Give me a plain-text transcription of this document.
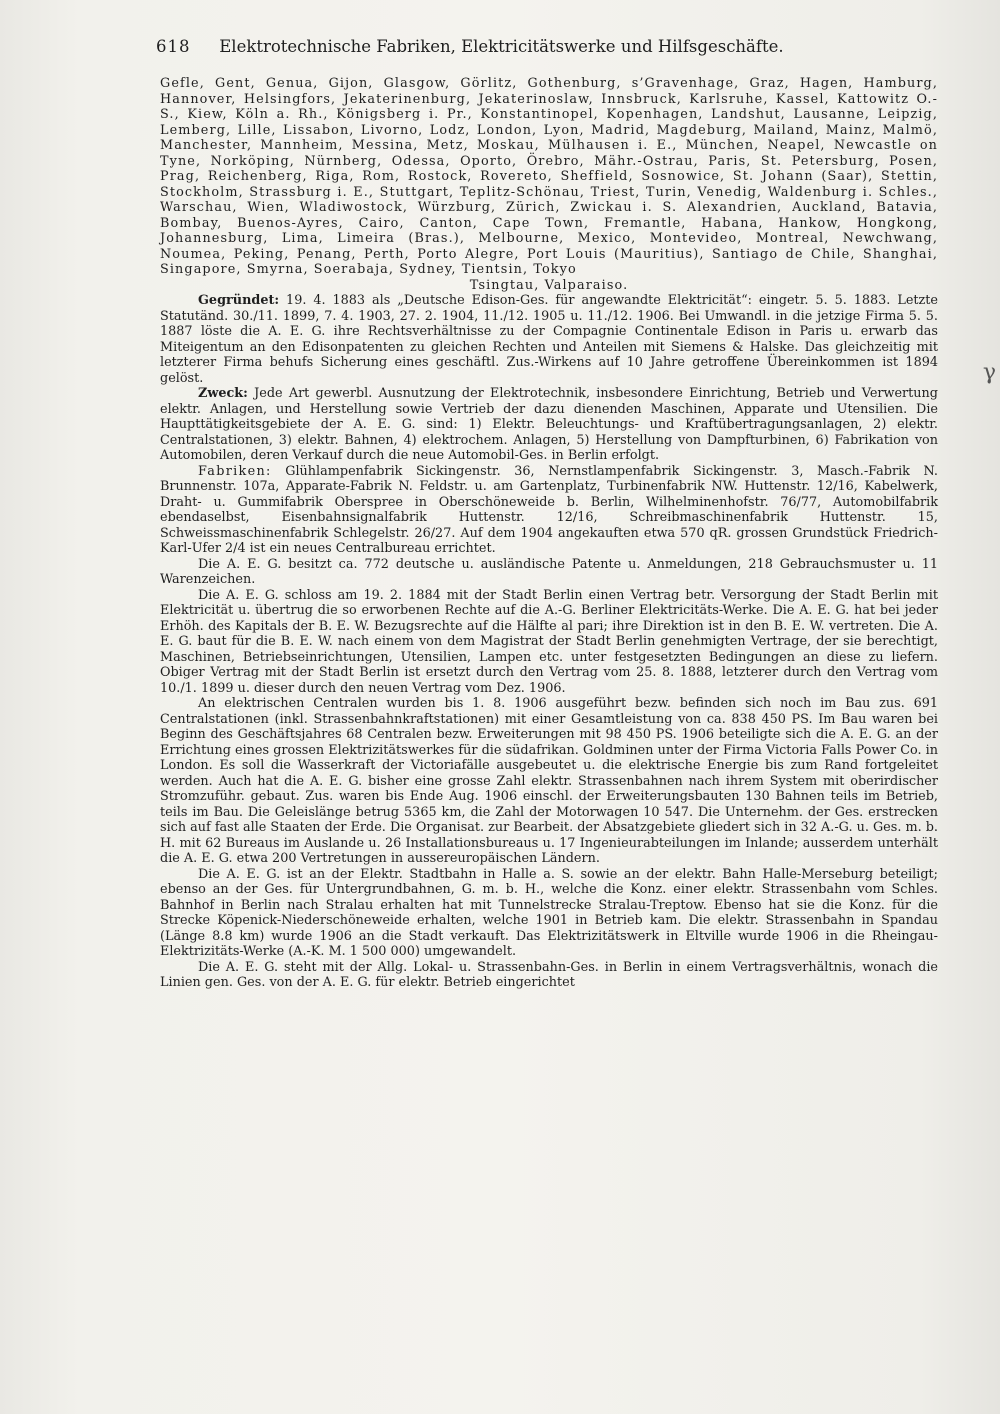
618 Elektrotechnische Fabriken, Elektricitätswerke und Hilfsgeschäfte.

Gefle, Gent, Genua, Gijon, Glasgow, Görlitz, Gothenburg, s’Gravenhage, Graz, Hagen, Hamburg, Hannover, Helsingfors, Jekaterinenburg, Jekaterinoslaw, Innsbruck, Karlsruhe, Kassel, Kattowitz O.-S., Kiew, Köln a. Rh., Königsberg i. Pr., Konstantinopel, Kopenhagen, Landshut, Lausanne, Leipzig, Lemberg, Lille, Lissabon, Livorno, Lodz, London, Lyon, Madrid, Magdeburg, Mailand, Mainz, Malmö, Manchester, Mannheim, Messina, Metz, Moskau, Mülhausen i. E., München, Neapel, Newcastle on Tyne, Norköping, Nürnberg, Odessa, Oporto, Örebro, Mähr.-Ostrau, Paris, St. Petersburg, Posen, Prag, Reichenberg, Riga, Rom, Rostock, Rovereto, Sheffield, Sosnowice, St. Johann (Saar), Stettin, Stockholm, Strassburg i. E., Stuttgart, Teplitz-Schönau, Triest, Turin, Venedig, Waldenburg i. Schles., Warschau, Wien, Wladiwostock, Würzburg, Zürich, Zwickau i. S. Alexandrien, Auckland, Batavia, Bombay, Buenos-Ayres, Cairo, Canton, Cape Town, Fremantle, Habana, Hankow, Hongkong, Johannesburg, Lima, Limeira (Bras.), Melbourne, Mexico, Montevideo, Montreal, Newchwang, Noumea, Peking, Penang, Perth, Porto Alegre, Port Louis (Mauritius), Santiago de Chile, Shanghai, Singapore, Smyrna, Soerabaja, Sydney, Tientsin, Tokyo
Tsingtau, Valparaiso.

Gegründet: 19. 4. 1883 als „Deutsche Edison-Ges. für angewandte Elektricität“: eingetr. 5. 5. 1883. Letzte Statutänd. 30./11. 1899, 7. 4. 1903, 27. 2. 1904, 11./12. 1905 u. 11./12. 1906. Bei Umwandl. in die jetzige Firma 5. 5. 1887 löste die A. E. G. ihre Rechtsverhältnisse zu der Compagnie Continentale Edison in Paris u. erwarb das Miteigentum an den Edisonpatenten zu gleichen Rechten und Anteilen mit Siemens & Halske. Das gleichzeitig mit letzterer Firma behufs Sicherung eines geschäftl. Zus.-Wirkens auf 10 Jahre getroffene Übereinkommen ist 1894 gelöst.

Zweck: Jede Art gewerbl. Ausnutzung der Elektrotechnik, insbesondere Einrichtung, Betrieb und Verwertung elektr. Anlagen, und Herstellung sowie Vertrieb der dazu dienenden Maschinen, Apparate und Utensilien. Die Haupttätigkeitsgebiete der A. E. G. sind: 1) Elektr. Beleuchtungs- und Kraftübertragungsanlagen, 2) elektr. Centralstationen, 3) elektr. Bahnen, 4) elektrochem. Anlagen, 5) Herstellung von Dampfturbinen, 6) Fabrikation von Automobilen, deren Verkauf durch die neue Automobil-Ges. in Berlin erfolgt.

Fabriken: Glühlampenfabrik Sickingenstr. 36, Nernstlampenfabrik Sickingenstr. 3, Masch.-Fabrik N. Brunnenstr. 107a, Apparate-Fabrik N. Feldstr. u. am Gartenplatz, Turbinenfabrik NW. Huttenstr. 12/16, Kabelwerk, Draht- u. Gummifabrik Oberspree in Oberschöneweide b. Berlin, Wilhelminenhofstr. 76/77, Automobilfabrik ebendaselbst, Eisenbahnsignalfabrik Huttenstr. 12/16, Schreibmaschinenfabrik Huttenstr. 15, Schweissmaschinenfabrik Schlegelstr. 26/27. Auf dem 1904 angekauften etwa 570 qR. grossen Grundstück Friedrich-Karl-Ufer 2/4 ist ein neues Centralbureau errichtet.

Die A. E. G. besitzt ca. 772 deutsche u. ausländische Patente u. Anmeldungen, 218 Gebrauchsmuster u. 11 Warenzeichen.

Die A. E. G. schloss am 19. 2. 1884 mit der Stadt Berlin einen Vertrag betr. Versorgung der Stadt Berlin mit Elektricität u. übertrug die so erworbenen Rechte auf die A.-G. Berliner Elektricitäts-Werke. Die A. E. G. hat bei jeder Erhöh. des Kapitals der B. E. W. Bezugsrechte auf die Hälfte al pari; ihre Direktion ist in den B. E. W. vertreten. Die A. E. G. baut für die B. E. W. nach einem von dem Magistrat der Stadt Berlin genehmigten Vertrage, der sie berechtigt, Maschinen, Betriebseinrichtungen, Utensilien, Lampen etc. unter festgesetzten Bedingungen an diese zu liefern. Obiger Vertrag mit der Stadt Berlin ist ersetzt durch den Vertrag vom 25. 8. 1888, letzterer durch den Vertrag vom 10./1. 1899 u. dieser durch den neuen Vertrag vom Dez. 1906.

An elektrischen Centralen wurden bis 1. 8. 1906 ausgeführt bezw. befinden sich noch im Bau zus. 691 Centralstationen (inkl. Strassenbahnkraftstationen) mit einer Gesamtleistung von ca. 838 450 PS. Im Bau waren bei Beginn des Geschäftsjahres 68 Centralen bezw. Erweiterungen mit 98 450 PS. 1906 beteiligte sich die A. E. G. an der Errichtung eines grossen Elektrizitätswerkes für die südafrikan. Goldminen unter der Firma Victoria Falls Power Co. in London. Es soll die Wasserkraft der Victoriafälle ausgebeutet u. die elektrische Energie bis zum Rand fortgeleitet werden. Auch hat die A. E. G. bisher eine grosse Zahl elektr. Strassenbahnen nach ihrem System mit oberirdischer Stromzuführ. gebaut. Zus. waren bis Ende Aug. 1906 einschl. der Erweiterungsbauten 130 Bahnen teils im Betrieb, teils im Bau. Die Geleislänge betrug 5365 km, die Zahl der Motorwagen 10 547. Die Unternehm. der Ges. erstrecken sich auf fast alle Staaten der Erde. Die Organisat. zur Bearbeit. der Absatzgebiete gliedert sich in 32 A.-G. u. Ges. m. b. H. mit 62 Bureaus im Auslande u. 26 Installationsbureaus u. 17 Ingenieurabteilungen im Inlande; ausserdem unterhält die A. E. G. etwa 200 Vertretungen in aussereuropäischen Ländern.

Die A. E. G. ist an der Elektr. Stadtbahn in Halle a. S. sowie an der elektr. Bahn Halle-Merseburg beteiligt; ebenso an der Ges. für Untergrundbahnen, G. m. b. H., welche die Konz. einer elektr. Strassenbahn vom Schles. Bahnhof in Berlin nach Stralau erhalten hat mit Tunnelstrecke Stralau-Treptow. Ebenso hat sie die Konz. für die Strecke Köpenick-Niederschöneweide erhalten, welche 1901 in Betrieb kam. Die elektr. Strassenbahn in Spandau (Länge 8.8 km) wurde 1906 an die Stadt verkauft. Das Elektrizitätswerk in Eltville wurde 1906 in die Rheingau-Elektrizitäts-Werke (A.-K. M. 1 500 000) umgewandelt.

Die A. E. G. steht mit der Allg. Lokal- u. Strassenbahn-Ges. in Berlin in einem Vertragsverhältnis, wonach die Linien gen. Ges. von der A. E. G. für elektr. Betrieb eingerichtet

γ
